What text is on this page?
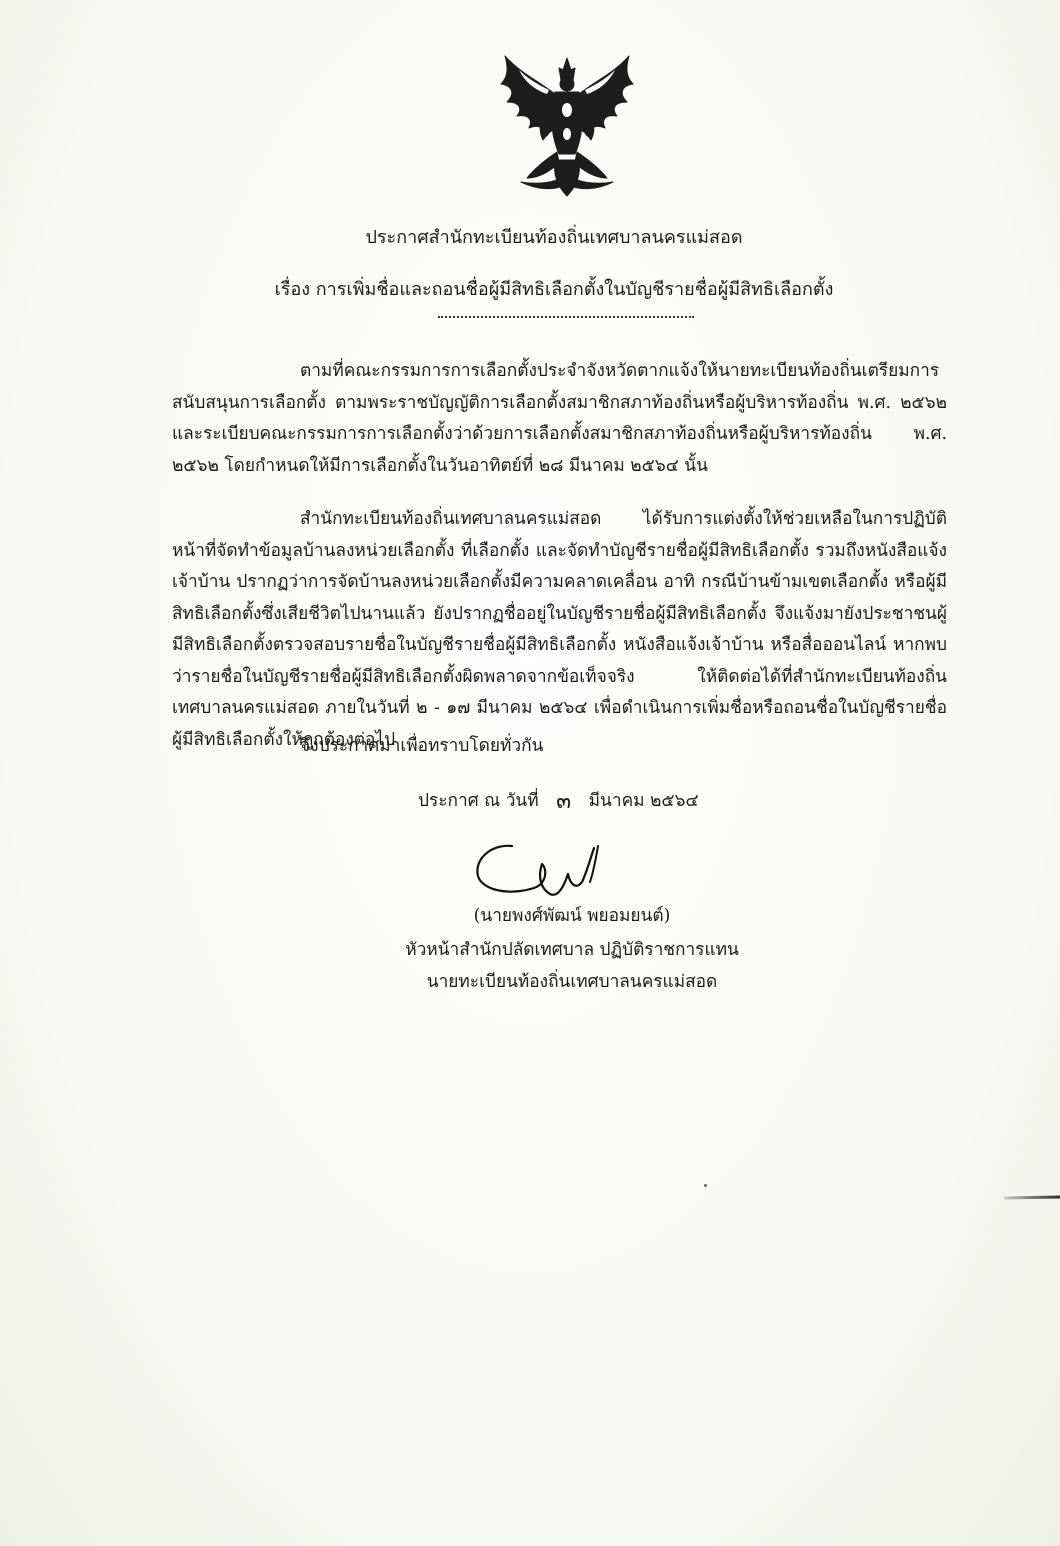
ประกาศสำนักทะเบียนท้องถิ่นเทศบาลนครแม่สอด
เรื่อง การเพิ่มชื่อและถอนชื่อผู้มีสิทธิเลือกตั้งในบัญชีรายชื่อผู้มีสิทธิเลือกตั้ง

ตามที่คณะกรรมการการเลือกตั้งประจำจังหวัดตากแจ้งให้นายทะเบียนท้องถิ่นเตรียมการสนับสนุนการเลือกตั้ง ตามพระราชบัญญัติการเลือกตั้งสมาชิกสภาท้องถิ่นหรือผู้บริหารท้องถิ่น พ.ศ. ๒๕๖๒ และระเบียบคณะกรรมการการเลือกตั้งว่าด้วยการเลือกตั้งสมาชิกสภาท้องถิ่นหรือผู้บริหารท้องถิ่น พ.ศ. ๒๕๖๒ โดยกำหนดให้มีการเลือกตั้งในวันอาทิตย์ที่ ๒๘ มีนาคม ๒๕๖๔ นั้น

สำนักทะเบียนท้องถิ่นเทศบาลนครแม่สอด ได้รับการแต่งตั้งให้ช่วยเหลือในการปฏิบัติหน้าที่จัดทำข้อมูลบ้านลงหน่วยเลือกตั้ง ที่เลือกตั้ง และจัดทำบัญชีรายชื่อผู้มีสิทธิเลือกตั้ง รวมถึงหนังสือแจ้งเจ้าบ้าน ปรากฏว่าการจัดบ้านลงหน่วยเลือกตั้งมีความคลาดเคลื่อน อาทิ กรณีบ้านข้ามเขตเลือกตั้ง หรือผู้มีสิทธิเลือกตั้งซึ่งเสียชีวิตไปนานแล้ว ยังปรากฏชื่ออยู่ในบัญชีรายชื่อผู้มีสิทธิเลือกตั้ง จึงแจ้งมายังประชาชนผู้มีสิทธิเลือกตั้งตรวจสอบรายชื่อในบัญชีรายชื่อผู้มีสิทธิเลือกตั้ง หนังสือแจ้งเจ้าบ้าน หรือสื่อออนไลน์ หากพบว่ารายชื่อในบัญชีรายชื่อผู้มีสิทธิเลือกตั้งผิดพลาดจากข้อเท็จจริง ให้ติดต่อได้ที่สำนักทะเบียนท้องถิ่นเทศบาลนครแม่สอด ภายในวันที่ ๒ - ๑๗ มีนาคม ๒๕๖๔ เพื่อดำเนินการเพิ่มชื่อหรือถอนชื่อในบัญชีรายชื่อผู้มีสิทธิเลือกตั้งให้ถูกต้องต่อไป

จึงประกาศมาเพื่อทราบโดยทั่วกัน
ประกาศ ณ วันที่ ๓ มีนาคม ๒๕๖๔
(นายพงศ์พัฒน์ พยอมยนต์)
หัวหน้าสำนักปลัดเทศบาล ปฏิบัติราชการแทน
นายทะเบียนท้องถิ่นเทศบาลนครแม่สอด
